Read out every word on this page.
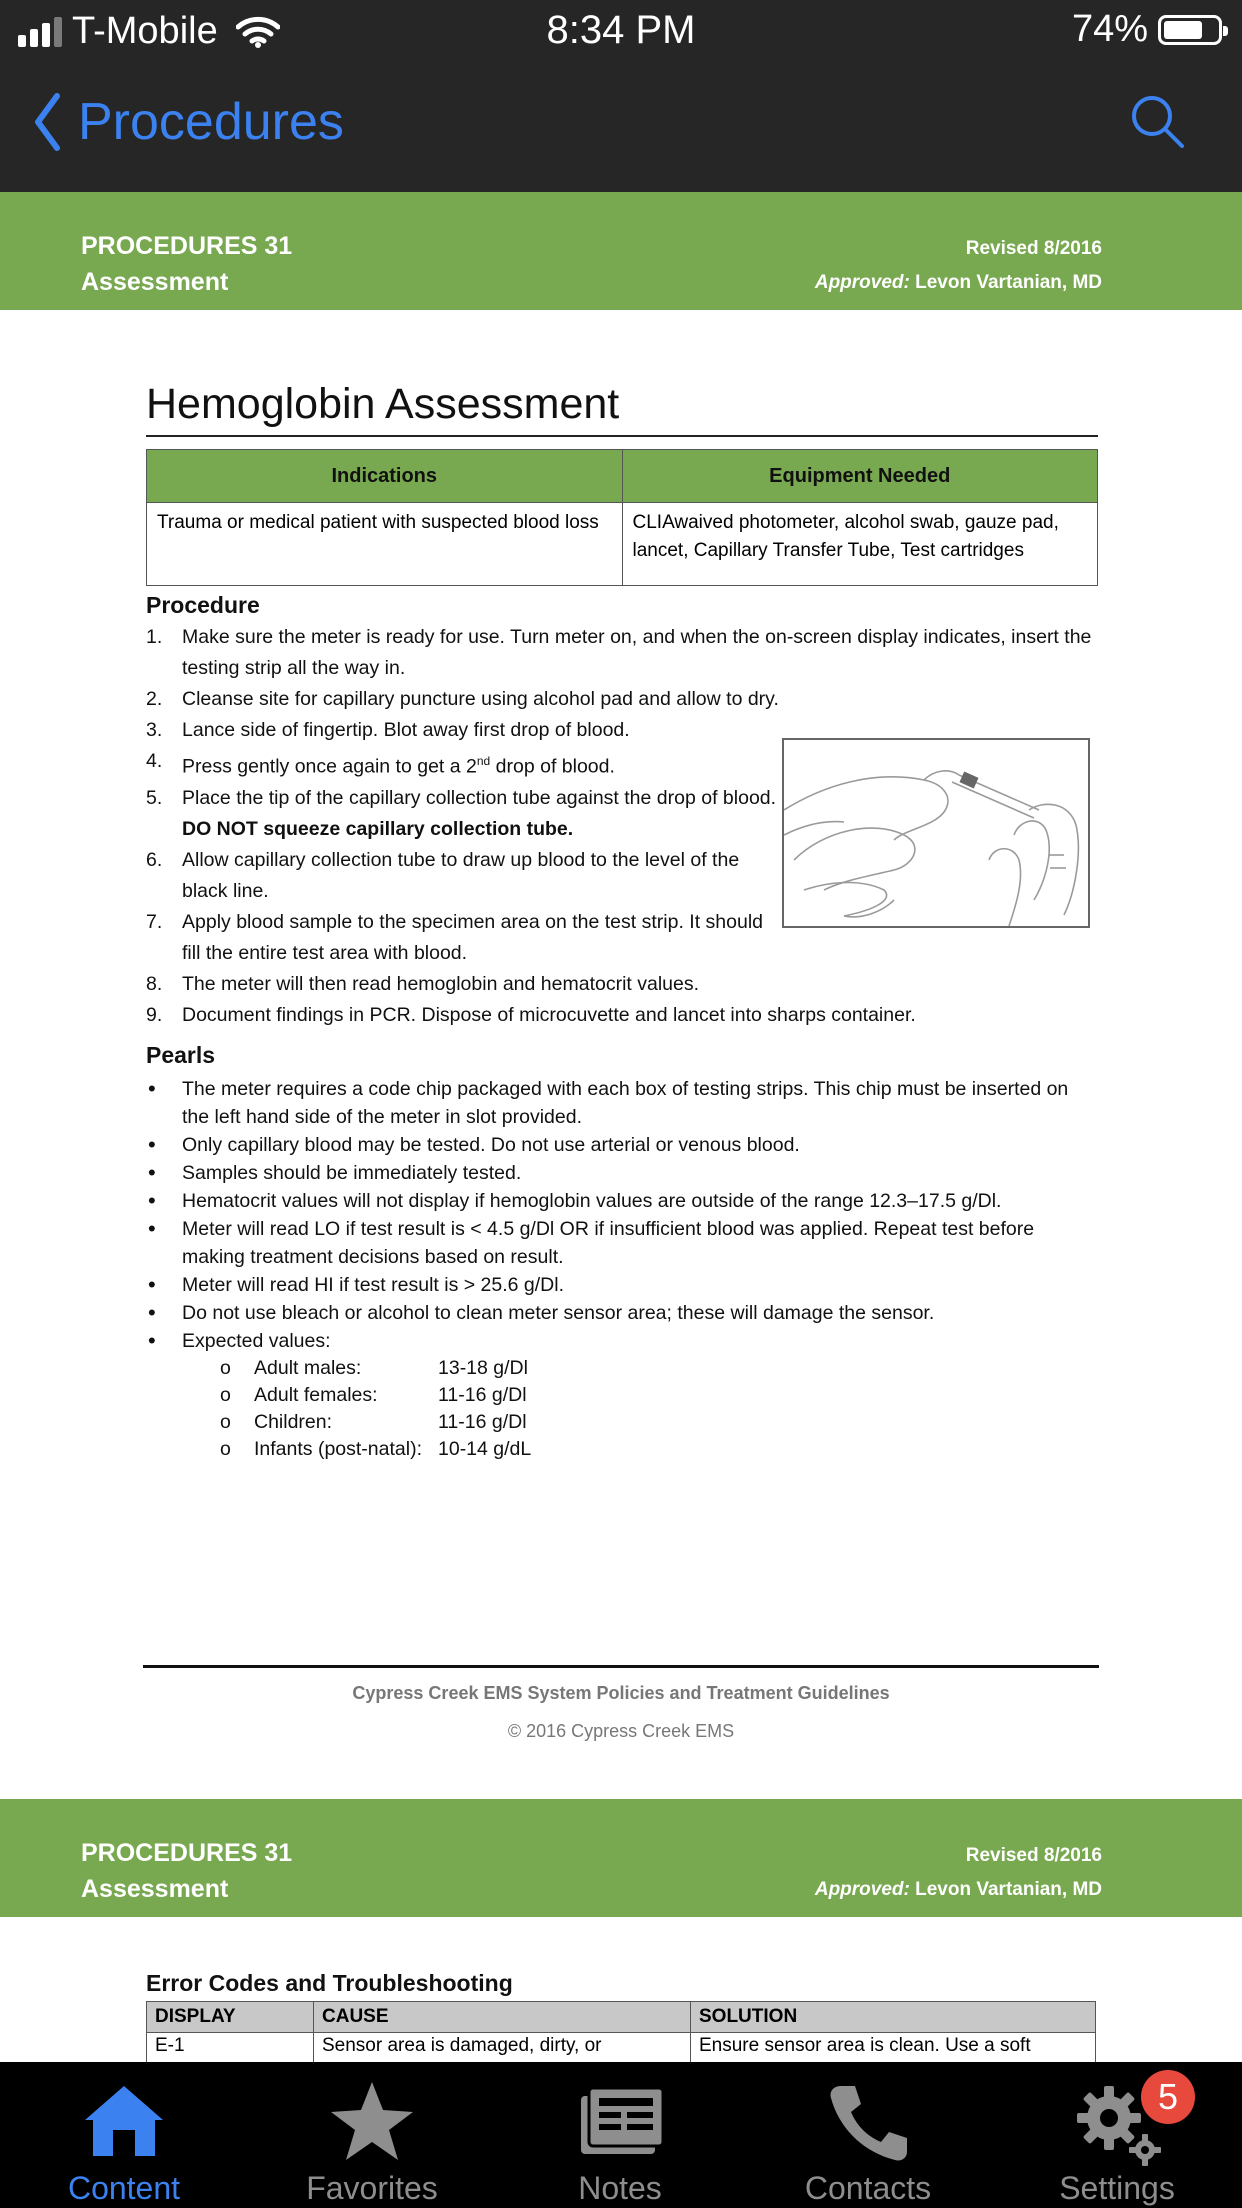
T-Mobile	8:34 PM	74%
Procedures
PROCEDURES 31
Assessment
Revised 8/2016
Approved: Levon Vartanian, MD
Hemoglobin Assessment
Indications	Equipment Needed
Trauma or medical patient with suspected blood loss	CLIAwaived photometer, alcohol swab, gauze pad, lancet, Capillary Transfer Tube, Test cartridges
Procedure
1. Make sure the meter is ready for use. Turn meter on, and when the on-screen display indicates, insert the testing strip all the way in.
2. Cleanse site for capillary puncture using alcohol pad and allow to dry.
3. Lance side of fingertip. Blot away first drop of blood.
4. Press gently once again to get a 2nd drop of blood.
5. Place the tip of the capillary collection tube against the drop of blood. DO NOT squeeze capillary collection tube.
6. Allow capillary collection tube to draw up blood to the level of the black line.
7. Apply blood sample to the specimen area on the test strip. It should fill the entire test area with blood.
8. The meter will then read hemoglobin and hematocrit values.
9. Document findings in PCR. Dispose of microcuvette and lancet into sharps container.
Pearls
• The meter requires a code chip packaged with each box of testing strips. This chip must be inserted on the left hand side of the meter in slot provided.
• Only capillary blood may be tested. Do not use arterial or venous blood.
• Samples should be immediately tested.
• Hematocrit values will not display if hemoglobin values are outside of the range 12.3–17.5 g/Dl.
• Meter will read LO if test result is < 4.5 g/Dl OR if insufficient blood was applied. Repeat test before making treatment decisions based on result.
• Meter will read HI if test result is > 25.6 g/Dl.
• Do not use bleach or alcohol to clean meter sensor area; these will damage the sensor.
• Expected values:
o Adult males:	13-18 g/Dl
o Adult females:	11-16 g/Dl
o Children:	11-16 g/Dl
o Infants (post-natal): 10-14 g/dL
Cypress Creek EMS System Policies and Treatment Guidelines
© 2016 Cypress Creek EMS
PROCEDURES 31
Assessment
Revised 8/2016
Approved: Levon Vartanian, MD
Error Codes and Troubleshooting
DISPLAY	CAUSE	SOLUTION
E-1	Sensor area is damaged, dirty, or	Ensure sensor area is clean. Use a soft
Content	Favorites	Notes	Contacts	Settings
5
